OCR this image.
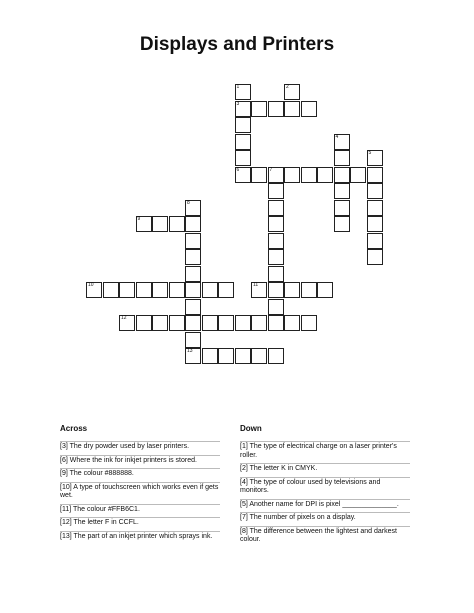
Displays and Printers
1
3
6
2
4
5
7
8
13
9
10	11
12
Across
[3] The dry powder used by laser printers.
[6] Where the ink for inkjet printers is stored.
[9] The colour #888888.
[10] A type of touchscreen which works even if gets wet.
[11] The colour #FFB6C1.
[12] The letter F in CCFL.
[13] The part of an inkjet printer which sprays ink.
Down
[1] The type of electrical charge on a laser printer's roller.
[2] The letter K in CMYK.
[4] The type of colour used by televisions and monitors.
[5] Another name for DPI is pixel ______________.
[7] The number of pixels on a display.
[8] The difference between the lightest and darkest colour.
